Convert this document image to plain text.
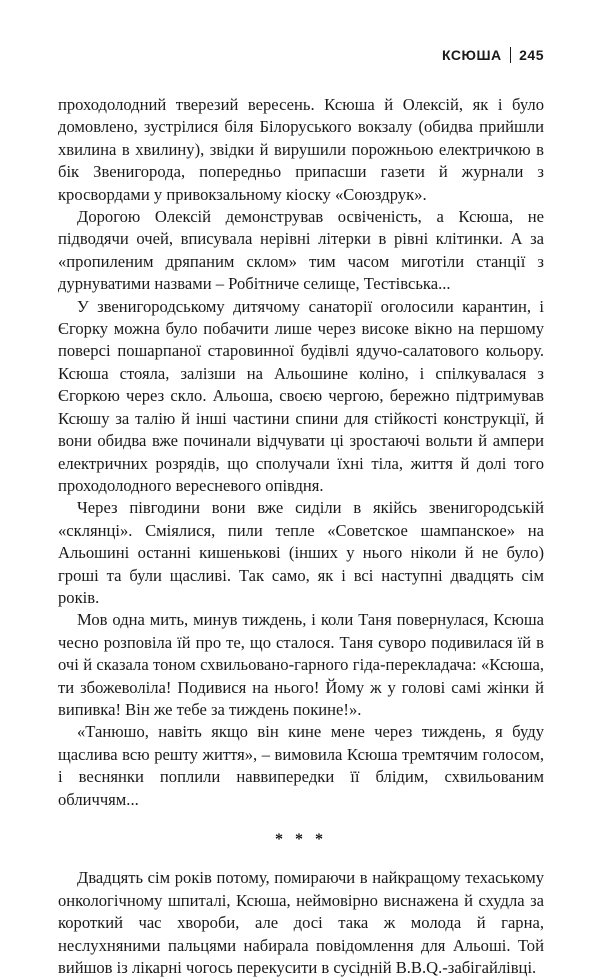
КСЮША 245

проходолодний тверезий вересень. Ксюша й Олексій, як і було домовлено, зустрілися біля Білоруського вокзалу (обидва прийшли хвилина в хвилину), звідки й вирушили порожньою електричкою в бік Звенигорода, попередньо припасши газети й журнали з кросвордами у привокзальному кіоску «Союздрук».

Дорогою Олексій демонстрував освіченість, а Ксюша, не підводячи очей, вписувала нерівні літерки в рівні клітинки. А за «пропиленим дряпаним склом» тим часом миготіли станції з дурнуватими назвами – Робітниче селище, Тестівська...

У звенигородському дитячому санаторії оголосили карантин, і Єгорку можна було побачити лише через високе вікно на першому поверсі пошарпаної старовинної будівлі ядучо-салатового кольору. Ксюша стояла, залізши на Альошине коліно, і спілкувалася з Єгоркою через скло. Альоша, своєю чергою, бережно підтримував Ксюшу за талію й інші частини спини для стійкості конструкції, й вони обидва вже починали відчувати ці зростаючі вольти й ампери електричних розрядів, що сполучали їхні тіла, життя й долі того проходолодного вересневого опівдня.

Через півгодини вони вже сиділи в якійсь звенигородській «склянці». Сміялися, пили тепле «Советское шампанское» на Альошині останні кишенькові (інших у нього ніколи й не було) гроші та були щасливі. Так само, як і всі наступні двадцять сім років.

Мов одна мить, минув тиждень, і коли Таня повернулася, Ксюша чесно розповіла їй про те, що сталося. Таня суворо подивилася їй в очі й сказала тоном схвильовано-гарного гіда-перекладача: «Ксюша, ти збожеволіла! Подивися на нього! Йому ж у голові самі жінки й випивка! Він же тебе за тиждень покине!».

«Танюшо, навіть якщо він кине мене через тиждень, я буду щаслива всю решту життя», – вимовила Ксюша тремтячим голосом, і веснянки поплили наввипередки її блідим, схвильованим обличчям...

* * *

Двадцять сім років потому, помираючи в найкращому техаському онкологічному шпиталі, Ксюша, неймовірно виснажена й схудла за короткий час хвороби, але досі така ж молода й гарна, неслухняними пальцями набирала повідомлення для Альоші. Той вийшов із лікарні чогось перекусити в сусідній B.B.Q.-забігайлівці.
